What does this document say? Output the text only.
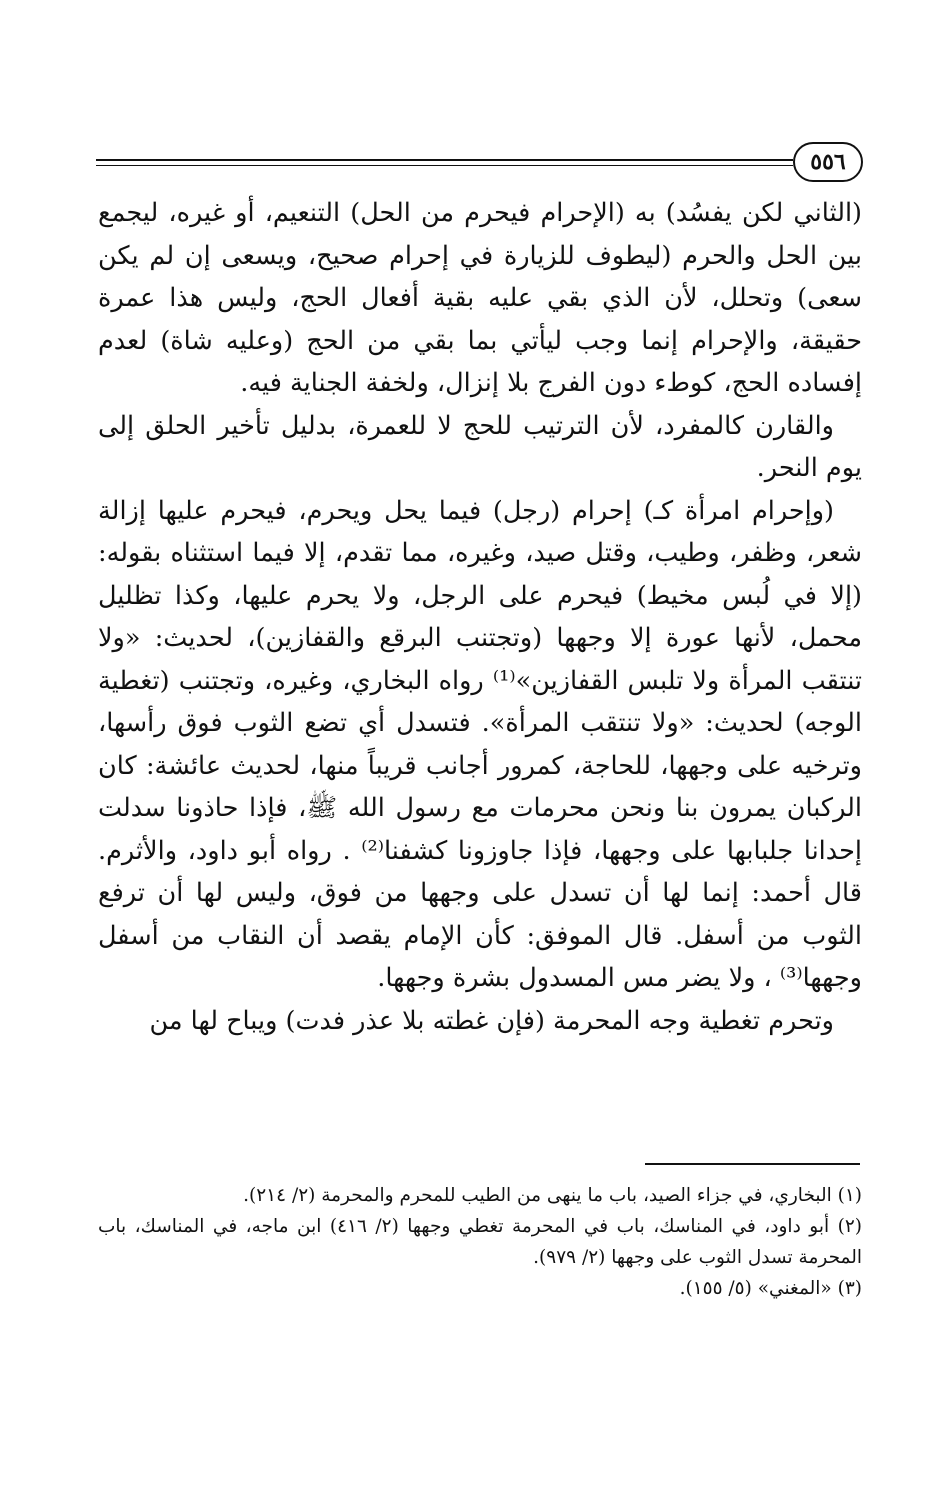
٥٥٦

(الثاني لكن يفسُد) به (الإحرام فيحرم من الحل) التنعيم، أو غيره، ليجمع بين الحل والحرم (ليطوف للزيارة في إحرام صحيح، ويسعى إن لم يكن سعى) وتحلل، لأن الذي بقي عليه بقية أفعال الحج، وليس هذا عمرة حقيقة، والإحرام إنما وجب ليأتي بما بقي من الحج (وعليه شاة) لعدم إفساده الحج، كوطء دون الفرج بلا إنزال، ولخفة الجناية فيه.

والقارن كالمفرد، لأن الترتيب للحج لا للعمرة، بدليل تأخير الحلق إلى يوم النحر.

(وإحرام امرأة كـ) إحرام (رجل) فيما يحل ويحرم، فيحرم عليها إزالة شعر، وظفر، وطيب، وقتل صيد، وغيره، مما تقدم، إلا فيما استثناه بقوله: (إلا في لُبس مخيط) فيحرم على الرجل، ولا يحرم عليها، وكذا تظليل محمل، لأنها عورة إلا وجهها (وتجتنب البرقع والقفازين)، لحديث: «ولا تنتقب المرأة ولا تلبس القفازين»⁽¹⁾ رواه البخاري، وغيره، وتجتنب (تغطية الوجه) لحديث: «ولا تنتقب المرأة». فتسدل أي تضع الثوب فوق رأسها، وترخيه على وجهها، للحاجة، كمرور أجانب قريباً منها، لحديث عائشة: كان الركبان يمرون بنا ونحن محرمات مع رسول الله ﷺ، فإذا حاذونا سدلت إحدانا جلبابها على وجهها، فإذا جاوزونا كشفنا⁽²⁾ . رواه أبو داود، والأثرم. قال أحمد: إنما لها أن تسدل على وجهها من فوق، وليس لها أن ترفع الثوب من أسفل. قال الموفق: كأن الإمام يقصد أن النقاب من أسفل وجهها⁽³⁾ ، ولا يضر مس المسدول بشرة وجهها.

وتحرم تغطية وجه المحرمة (فإن غطته بلا عذر فدت) ويباح لها من

(١) البخاري، في جزاء الصيد، باب ما ينهى من الطيب للمحرم والمحرمة (٢/ ٢١٤).

(٢) أبو داود، في المناسك، باب في المحرمة تغطي وجهها (٢/ ٤١٦) ابن ماجه، في المناسك، باب المحرمة تسدل الثوب على وجهها (٢/ ٩٧٩).

(٣) «المغني» (٥/ ١٥٥).
